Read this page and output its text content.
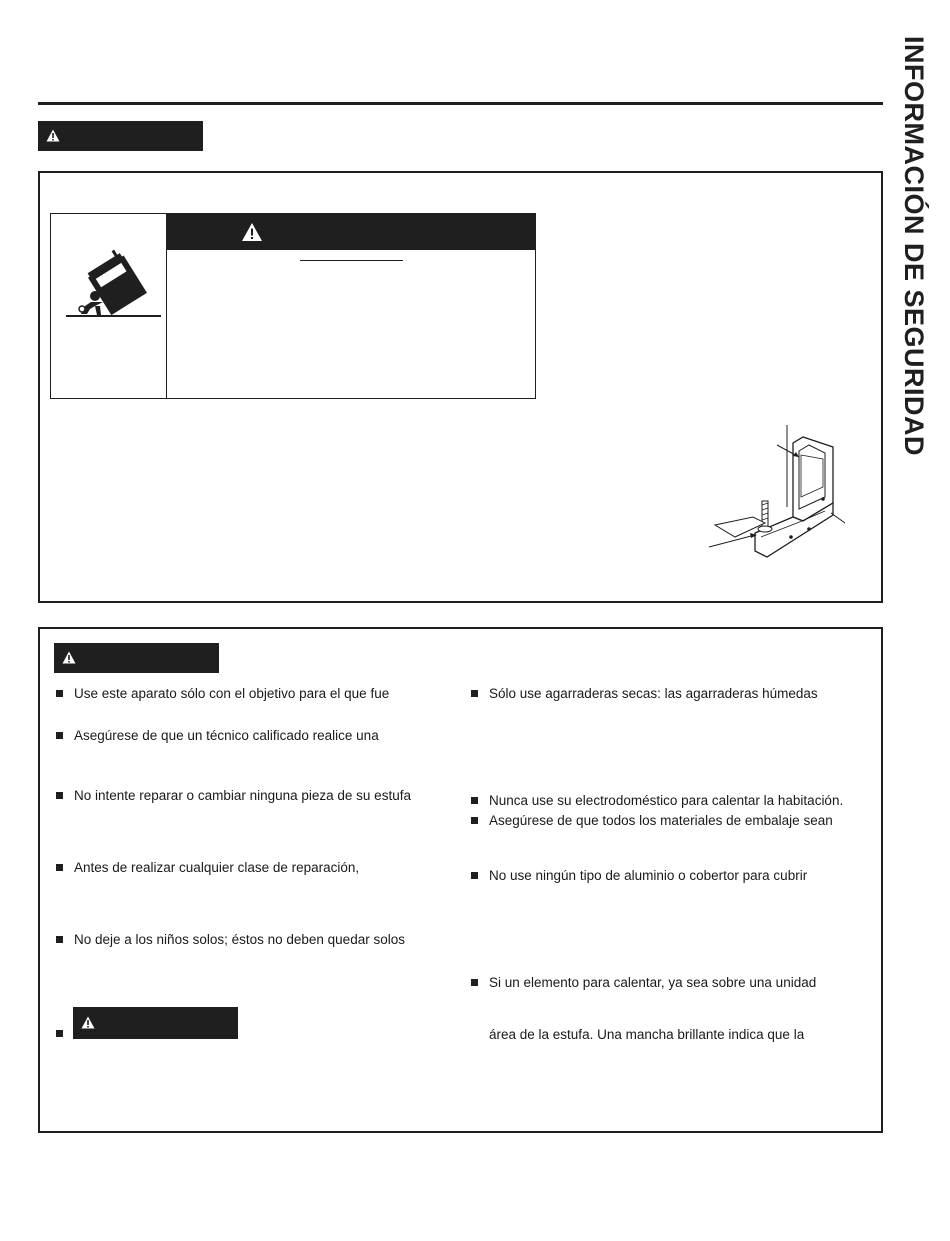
INFORMACIÓN DE SEGURIDAD
Use este aparato sólo con el objetivo para el que fue
Asegúrese de que un técnico calificado realice una
No intente reparar o cambiar ninguna pieza de su estufa
Antes de realizar cualquier clase de reparación,
No deje a los niños solos; éstos no deben quedar solos
Sólo use agarraderas secas: las agarraderas húmedas
Nunca use su electrodoméstico para calentar la habitación.
Asegúrese de que todos los materiales de embalaje sean
No use ningún tipo de aluminio o cobertor para cubrir
Si un elemento para calentar, ya sea sobre una unidad
área de la estufa. Una mancha brillante indica que la
